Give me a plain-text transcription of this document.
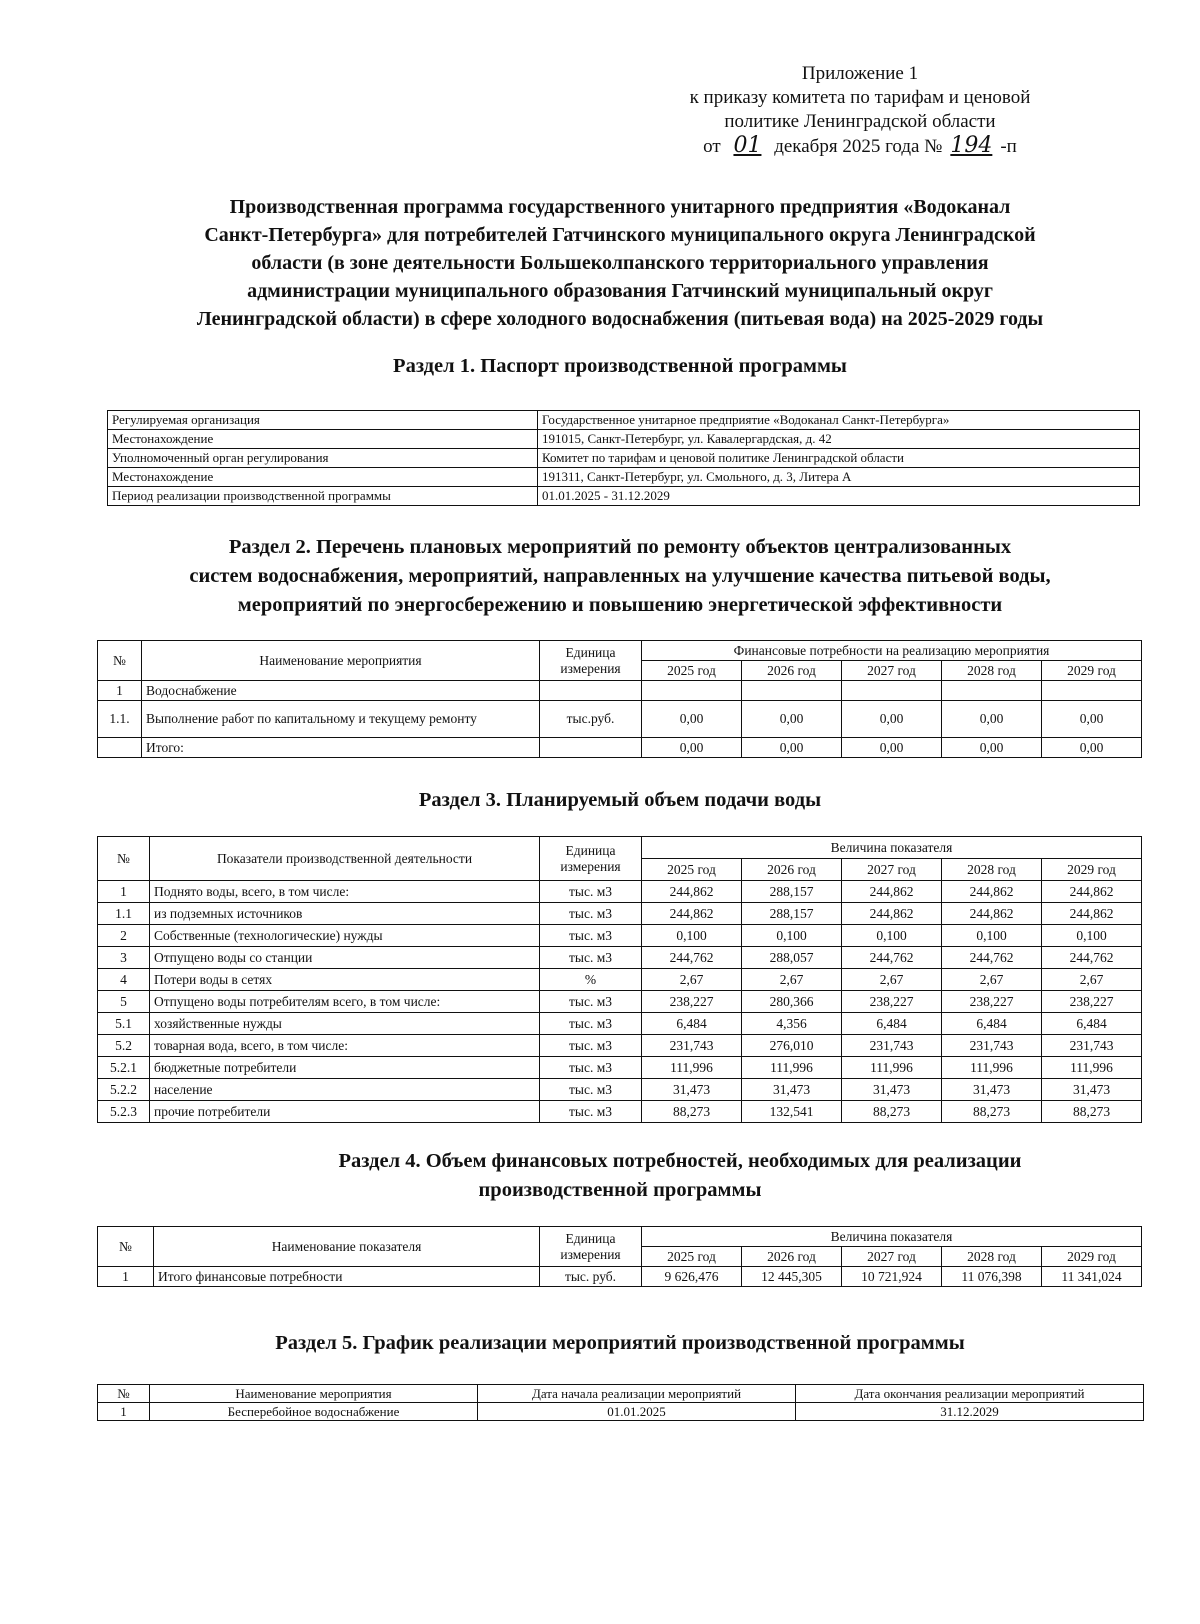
Приложение 1
к приказу комитета по тарифам и ценовой
политике Ленинградской области
от 01 декабря 2025 года № 194 -п
Производственная программа государственного унитарного предприятия «Водоканал
Санкт-Петербурга» для потребителей Гатчинского муниципального округа Ленинградской
области (в зоне деятельности Большеколпанского территориального управления
администрации муниципального образования Гатчинский муниципальный округ
Ленинградской области) в сфере холодного водоснабжения (питьевая вода) на 2025-2029 годы
Раздел 1. Паспорт производственной программы
Регулируемая организация	Государственное унитарное предприятие «Водоканал Санкт-Петербурга»
Местонахождение	191015, Санкт-Петербург, ул. Кавалергардская, д. 42
Уполномоченный орган регулирования	Комитет по тарифам и ценовой политике Ленинградской области
Местонахождение	191311, Санкт-Петербург, ул. Смольного, д. 3, Литера А
Период реализации производственной программы	01.01.2025 - 31.12.2029
Раздел 2. Перечень плановых мероприятий по ремонту объектов централизованных
систем водоснабжения, мероприятий, направленных на улучшение качества питьевой воды,
мероприятий по энергосбережению и повышению энергетической эффективности
№	Наименование мероприятия	Единица измерения	Финансовые потребности на реализацию мероприятия				
			2025 год	2026 год	2027 год	2028 год	2029 год
1	Водоснабжение						
1.1.	Выполнение работ по капитальному и текущему ремонту	тыс.руб.	0,00	0,00	0,00	0,00	0,00
	Итого:		0,00	0,00	0,00	0,00	0,00
Раздел 3. Планируемый объем подачи воды
№	Показатели производственной деятельности	Единица измерения	Величина показателя				
			2025 год	2026 год	2027 год	2028 год	2029 год
1	Поднято воды, всего, в том числе:	тыс. м3	244,862	288,157	244,862	244,862	244,862
1.1	из подземных источников	тыс. м3	244,862	288,157	244,862	244,862	244,862
2	Собственные (технологические) нужды	тыс. м3	0,100	0,100	0,100	0,100	0,100
3	Отпущено воды со станции	тыс. м3	244,762	288,057	244,762	244,762	244,762
4	Потери воды в сетях	%	2,67	2,67	2,67	2,67	2,67
5	Отпущено воды потребителям всего, в том числе:	тыс. м3	238,227	280,366	238,227	238,227	238,227
5.1	хозяйственные нужды	тыс. м3	6,484	4,356	6,484	6,484	6,484
5.2	товарная вода, всего, в том числе:	тыс. м3	231,743	276,010	231,743	231,743	231,743
5.2.1	бюджетные потребители	тыс. м3	111,996	111,996	111,996	111,996	111,996
5.2.2	население	тыс. м3	31,473	31,473	31,473	31,473	31,473
5.2.3	прочие потребители	тыс. м3	88,273	132,541	88,273	88,273	88,273
Раздел 4. Объем финансовых потребностей, необходимых для реализации
производственной программы
№	Наименование показателя	Единица измерения	Величина показателя				
			2025 год	2026 год	2027 год	2028 год	2029 год
1	Итого финансовые потребности	тыс. руб.	9 626,476	12 445,305	10 721,924	11 076,398	11 341,024
Раздел 5. График реализации мероприятий производственной программы
№	Наименование мероприятия	Дата начала реализации мероприятий	Дата окончания реализации мероприятий
1	Бесперебойное водоснабжение	01.01.2025	31.12.2029
